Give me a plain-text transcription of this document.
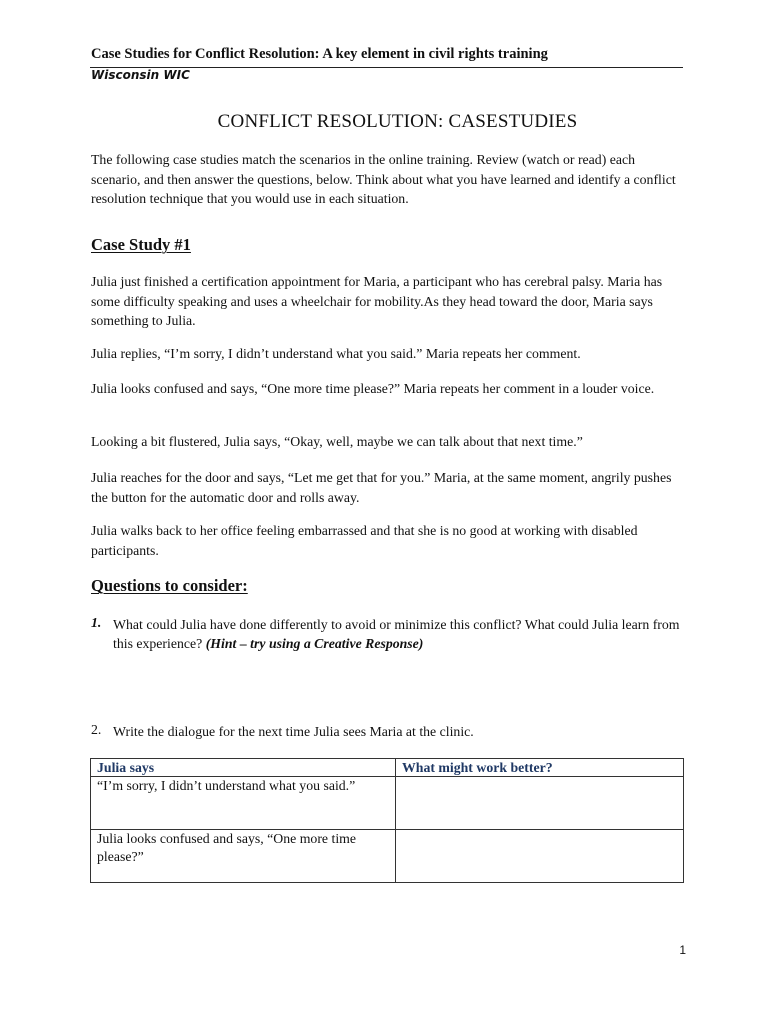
Case Studies for Conflict Resolution: A key element in civil rights training
Wisconsin WIC
CONFLICT RESOLUTION: CASESTUDIES
The following case studies match the scenarios in the online training. Review (watch or read) each scenario, and then answer the questions, below. Think about what you have learned and identify a conflict resolution technique that you would use in each situation.
Case Study #1
Julia just finished a certification appointment for Maria, a participant who has cerebral palsy. Maria has some difficulty speaking and uses a wheelchair for mobility.As they head toward the door, Maria says something to Julia.
Julia replies, “I’m sorry, I didn’t understand what you said.” Maria repeats her comment.
Julia looks confused and says, “One more time please?” Maria repeats her comment in a louder voice.
Looking a bit flustered, Julia says, “Okay, well, maybe we can talk about that next time.”
Julia reaches for the door and says, “Let me get that for you.” Maria, at the same moment, angrily pushes the button for the automatic door and rolls away.
Julia walks back to her office feeling embarrassed and that she is no good at working with disabled participants.
Questions to consider:
1. What could Julia have done differently to avoid or minimize this conflict? What could Julia learn from this experience? (Hint – try using a Creative Response)
2. Write the dialogue for the next time Julia sees Maria at the clinic.
Julia says	What might work better?
“I’m sorry, I didn’t understand what you said.”	
Julia looks confused and says, “One more time please?”	
1
